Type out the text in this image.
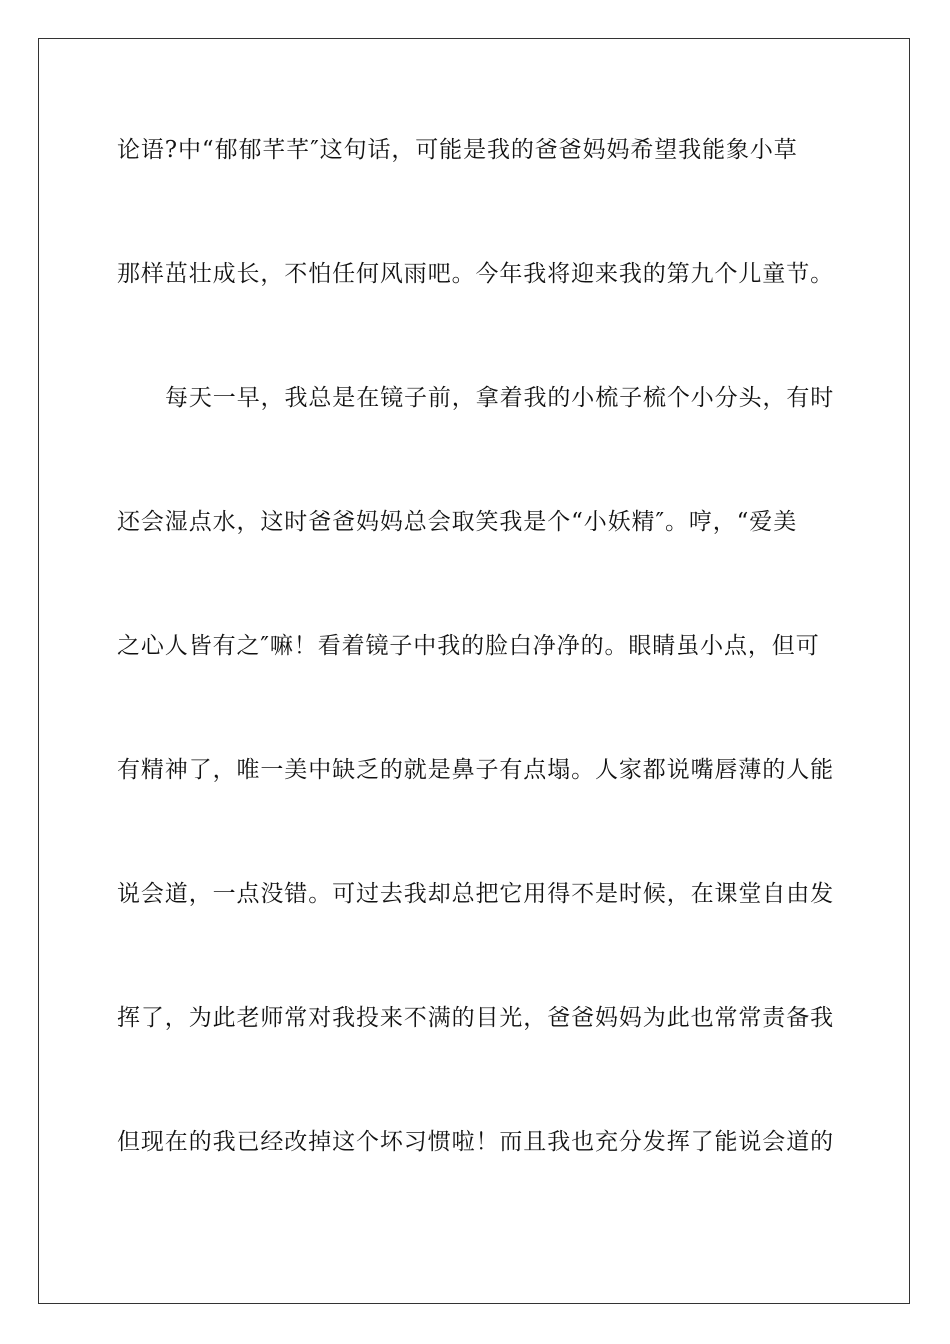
论语?中“郁郁芊芊″这句话，可能是我的爸爸妈妈希望我能象小草
那样茁壮成长，不怕任何风雨吧。今年我将迎来我的第九个儿童节。
每天一早，我总是在镜子前，拿着我的小梳子梳个小分头，有时
还会湿点水，这时爸爸妈妈总会取笑我是个“小妖精″。哼，“爱美
之心人皆有之″嘛！看着镜子中我的脸白净净的。眼睛虽小点，但可
有精神了，唯一美中缺乏的就是鼻子有点塌。人家都说嘴唇薄的人能
说会道，一点没错。可过去我却总把它用得不是时候，在课堂自由发
挥了，为此老师常对我投来不满的目光，爸爸妈妈为此也常常责备我
但现在的我已经改掉这个坏习惯啦！而且我也充分发挥了能说会道的
